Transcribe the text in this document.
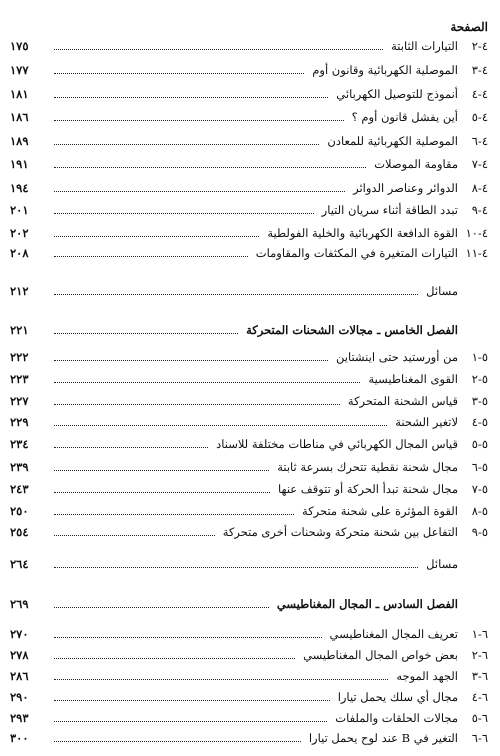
الصفحة
٤-٢
التيارات الثابتة
١٧٥
٤-٣
الموصلية الكهربائية وقانون أوم
١٧٧
٤-٤
أنموذج للتوصيل الكهربائي
١٨١
٤-٥
أين يفشل قانون أوم ؟
١٨٦
٤-٦
الموصلية الكهربائية للمعادن
١٨٩
٤-٧
مقاومة الموصلات
١٩١
٤-٨
الدوائر وعناصر الدوائر
١٩٤
٤-٩
تبدد الطاقة أثناء سريان التيار
٢٠١
٤-١٠
القوة الدافعة الكهربائية والخلية الفولطية
٢٠٢
٤-١١
التيارات المتغيرة في المكثفات والمقاومات
٢٠٨
مسائل
٢١٢
الفصل الخامس ـ مجالات الشحنات المتحركة
٢٢١
٥-١
من أورستيد حتى اينشتاين
٢٢٢
٥-٢
القوى المغناطيسية
٢٢٣
٥-٣
قياس الشحنة المتحركة
٢٢٧
٥-٤
لاتغير الشحنة
٢٢٩
٥-٥
قياس المجال الكهربائي في مناطات مختلفة للاسناد
٢٣٤
٥-٦
مجال شحنة نقطية تتحرك بسرعة ثابتة
٢٣٩
٥-٧
مجال شحنة تبدأ الحركة أو تتوقف عنها
٢٤٣
٥-٨
القوة المؤثرة على شحنة متحركة
٢٥٠
٥-٩
التفاعل بين شحنة متحركة وشحنات أخرى متحركة
٢٥٤
مسائل
٢٦٤
الفصل السادس ـ المجال المغناطيسي
٢٦٩
٦-١
تعريف المجال المغناطيسي
٢٧٠
٦-٢
بعض خواص المجال المغناطيسي
٢٧٨
٦-٣
الجهد الموجه
٢٨٦
٦-٤
مجال أي سلك يحمل تيارا
٢٩٠
٦-٥
مجالات الحلقات والملفات
٢٩٣
٦-٦
التغير في B عند لوح يحمل تيارا
٣٠٠
